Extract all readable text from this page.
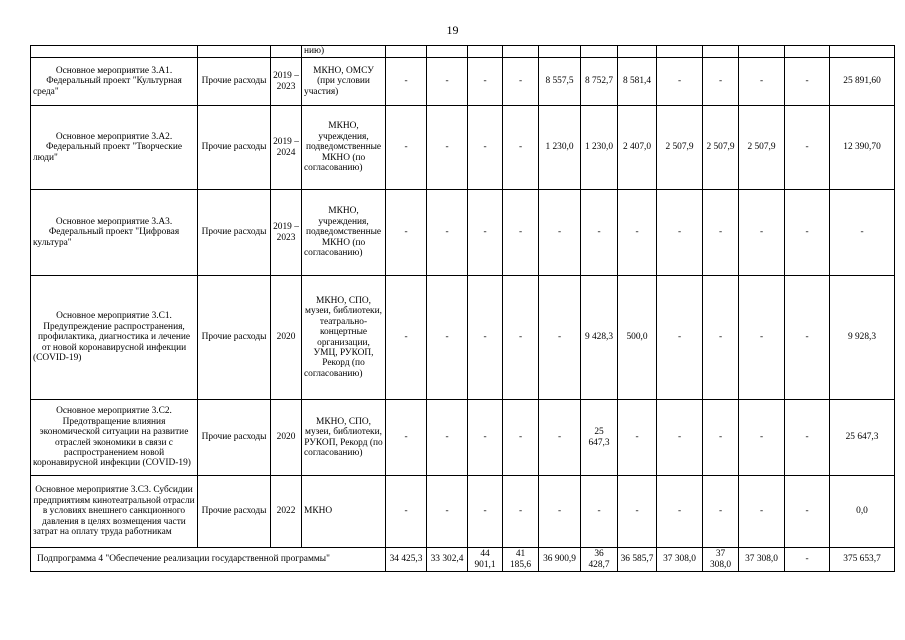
19
			нию)												
Основное мероприятие 3.А1. Федеральный проект "Культурная среда"	Прочие расходы	2019 – 2023	МКНО, ОМСУ (при условии участия)	-	-	-	-	8 557,5	8 752,7	8 581,4	-	-	-	-	25 891,60
Основное мероприятие 3.А2. Федеральный проект "Творческие люди"	Прочие расходы	2019 – 2024	МКНО, учреждения, подведомственные МКНО (по согласованию)	-	-	-	-	1 230,0	1 230,0	2 407,0	2 507,9	2 507,9	2 507,9	-	12 390,70
Основное мероприятие 3.А3. Федеральный проект "Цифровая культура"	Прочие расходы	2019 – 2023	МКНО, учреждения, подведомственные МКНО (по согласованию)	-	-	-	-	-	-	-	-	-	-	-	-
Основное мероприятие 3.С1. Предупреждение распространения, профилактика, диагностика и лечение от новой коронавирусной инфекции (COVID-19)	Прочие расходы	2020	МКНО, СПО, музеи, библиотеки, театрально-концертные организации, УМЦ, РУКОП, Рекорд (по согласованию)	-	-	-	-	-	9 428,3	500,0	-	-	-	-	9 928,3
Основное мероприятие 3.С2. Предотвращение влияния экономической ситуации на развитие отраслей экономики в связи с распространением новой коронавирусной инфекции (COVID-19)	Прочие расходы	2020	МКНО, СПО, музеи, библиотеки, РУКОП, Рекорд (по согласованию)	-	-	-	-	-	25 647,3	-	-	-	-	-	25 647,3
Основное мероприятие 3.С3. Субсидии предприятиям кинотеатральной отрасли в условиях внешнего санкционного давления в целях возмещения части затрат на оплату труда работникам	Прочие расходы	2022	МКНО	-	-	-	-	-	-	-	-	-	-	-	0,0
Подпрограмма 4 "Обеспечение реализации государственной программы"				34 425,3	33 302,4	44 901,1	41 185,6	36 900,9	36 428,7	36 585,7	37 308,0	37 308,0	37 308,0	-	375 653,7
